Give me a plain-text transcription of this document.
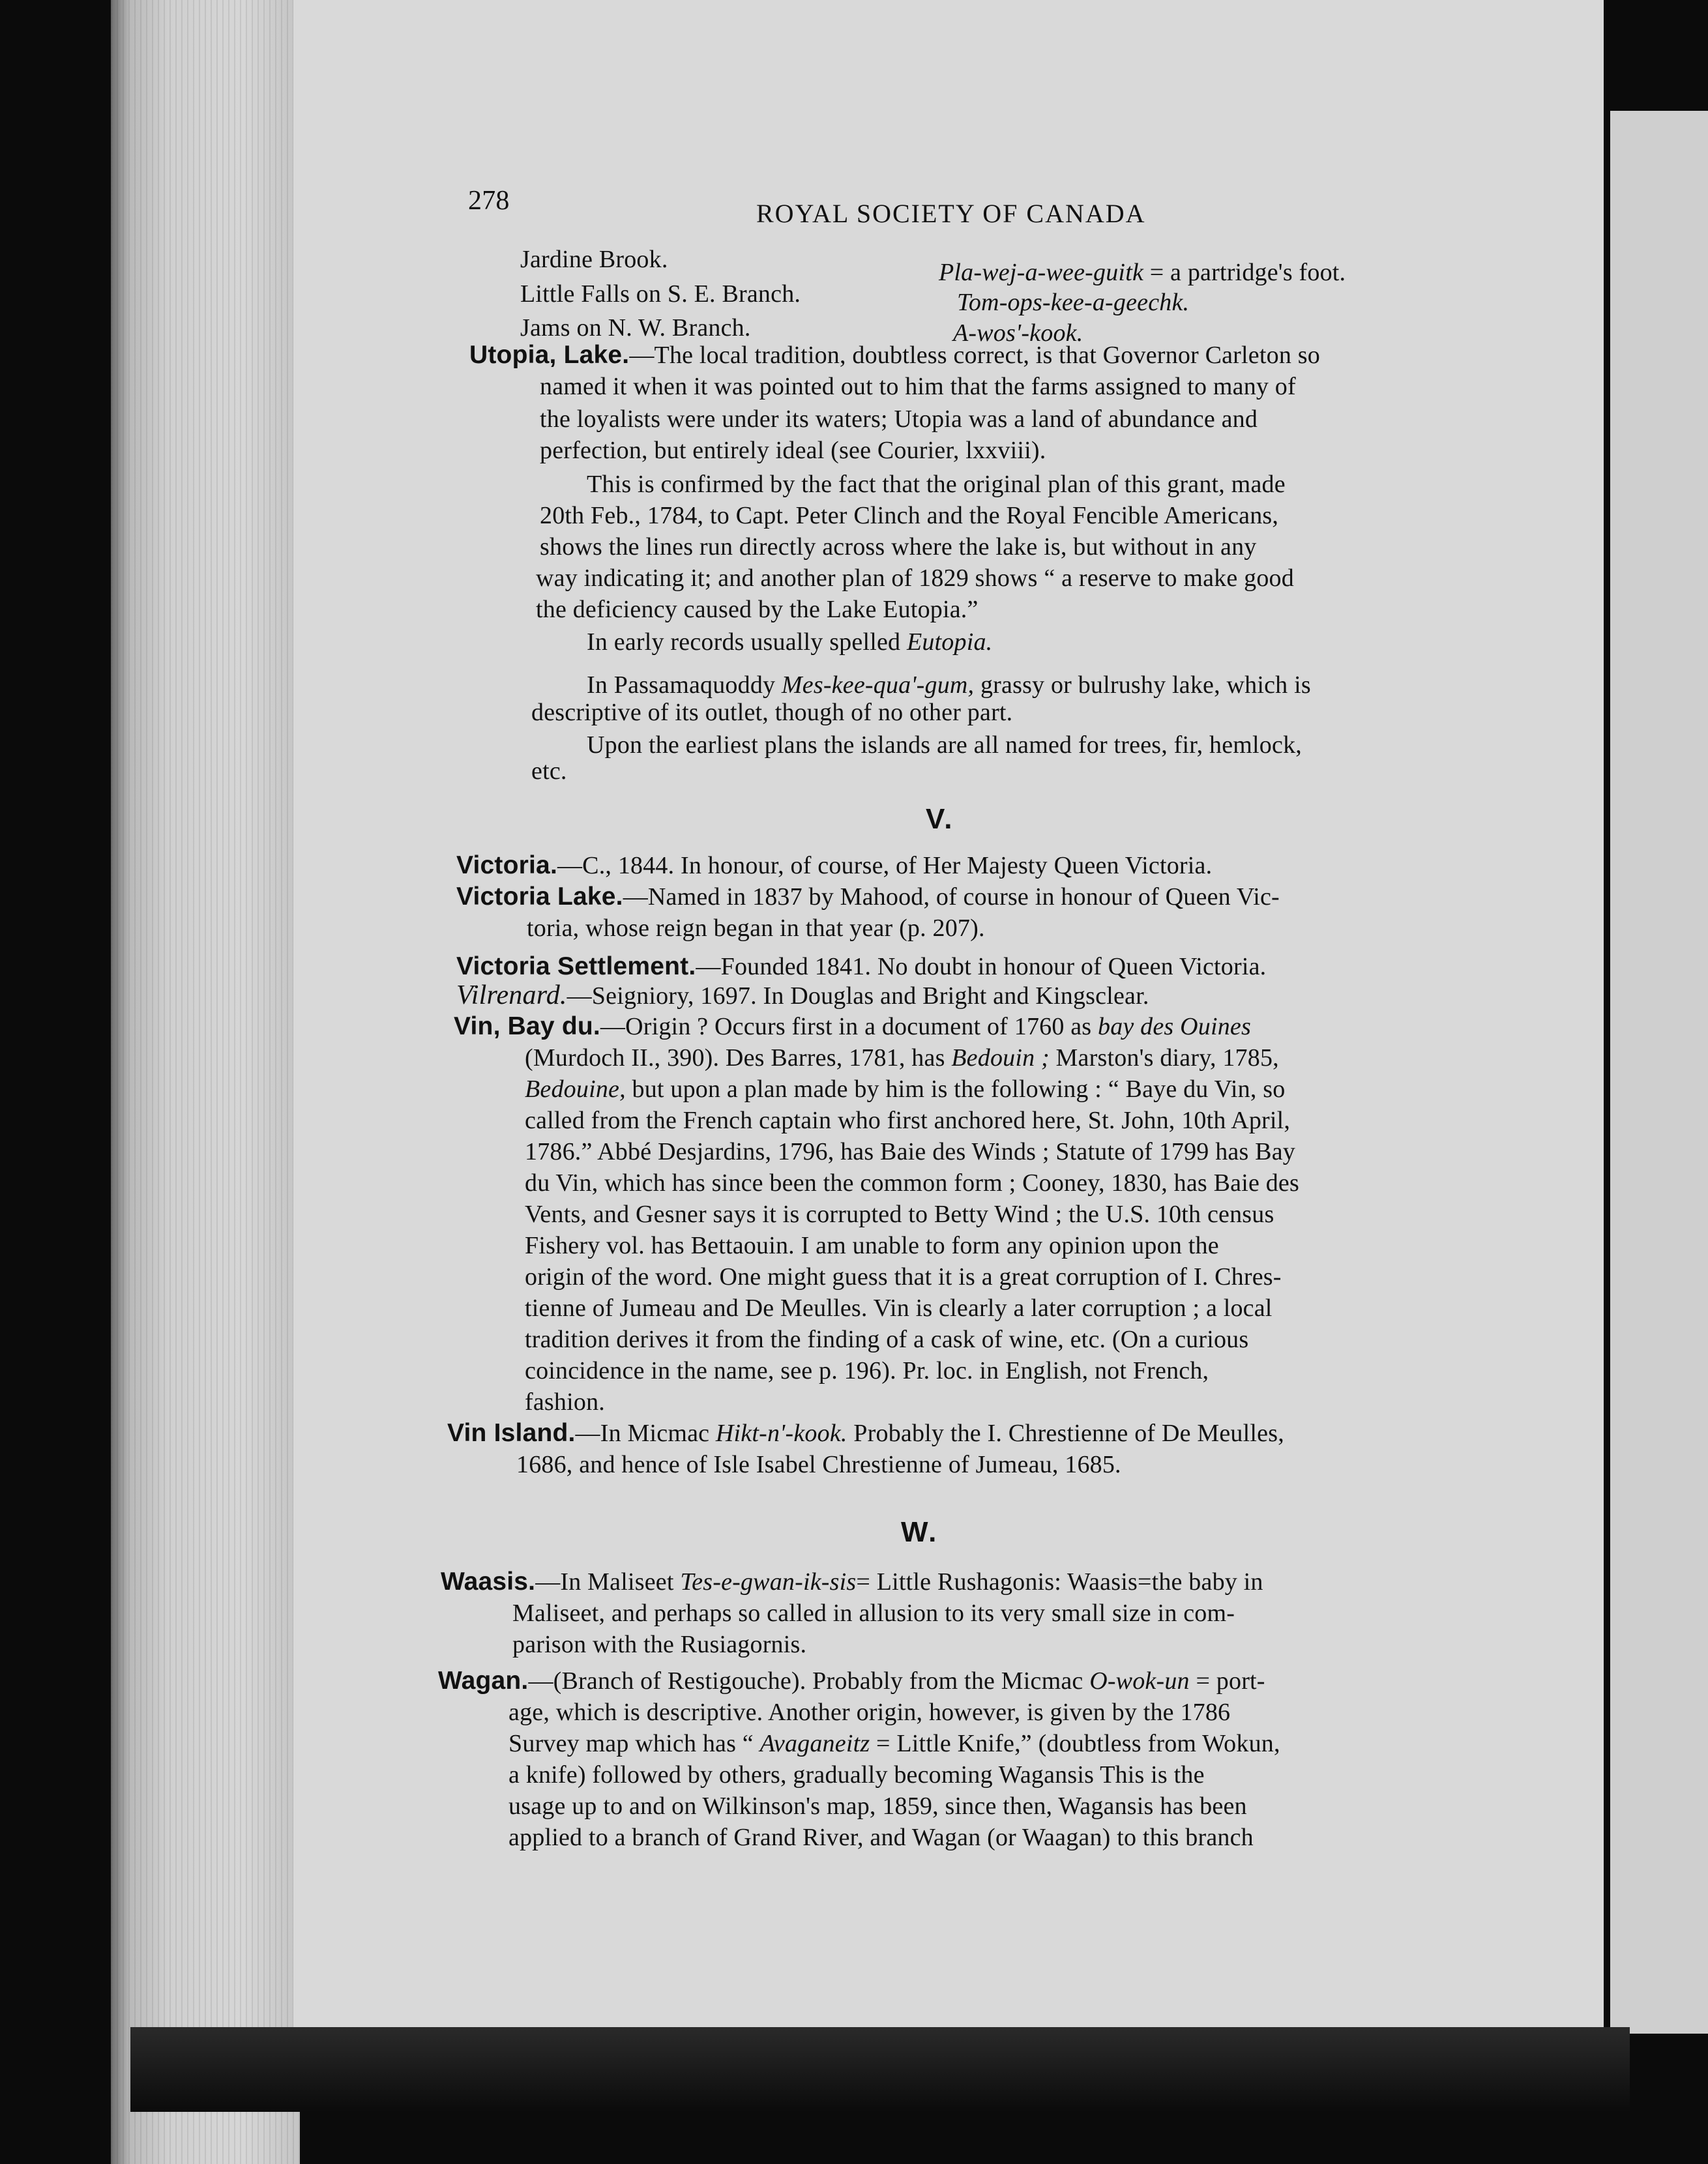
278	ROYAL SOCIETY OF CANADA
Jardine Brook.	Pla-wej-a-wee-guitk = a partridge's foot.
Little Falls on S. E. Branch.	Tom-ops-kee-a-geechk.
Jams on N. W. Branch.	A-wos'-kook.
Utopia, Lake.—The local tradition, doubtless correct, is that Governor Carleton so
named it when it was pointed out to him that the farms assigned to many of
the loyalists were under its waters; Utopia was a land of abundance and
perfection, but entirely ideal (see Courier, lxxviii).
This is confirmed by the fact that the original plan of this grant, made
20th Feb., 1784, to Capt. Peter Clinch and the Royal Fencible Americans,
shows the lines run directly across where the lake is, but without in any
way indicating it; and another plan of 1829 shows “ a reserve to make good
the deficiency caused by the Lake Eutopia.”
In early records usually spelled Eutopia.
In Passamaquoddy Mes-kee-qua'-gum, grassy or bulrushy lake, which is
descriptive of its outlet, though of no other part.
Upon the earliest plans the islands are all named for trees, fir, hemlock,
etc.
V.
Victoria.—C., 1844. In honour, of course, of Her Majesty Queen Victoria.
Victoria Lake.—Named in 1837 by Mahood, of course in honour of Queen Vic-
toria, whose reign began in that year (p. 207).
Victoria Settlement.—Founded 1841. No doubt in honour of Queen Victoria.
Vilrenard.—Seigniory, 1697. In Douglas and Bright and Kingsclear.
Vin, Bay du.—Origin ? Occurs first in a document of 1760 as bay des Ouines
(Murdoch II., 390). Des Barres, 1781, has Bedouin ; Marston's diary, 1785,
Bedouine, but upon a plan made by him is the following : “ Baye du Vin, so
called from the French captain who first anchored here, St. John, 10th April,
1786.” Abbé Desjardins, 1796, has Baie des Winds ; Statute of 1799 has Bay
du Vin, which has since been the common form ; Cooney, 1830, has Baie des
Vents, and Gesner says it is corrupted to Betty Wind ; the U.S. 10th census
Fishery vol. has Bettaouin. I am unable to form any opinion upon the
origin of the word. One might guess that it is a great corruption of I. Chres-
tienne of Jumeau and De Meulles. Vin is clearly a later corruption ; a local
tradition derives it from the finding of a cask of wine, etc. (On a curious
coincidence in the name, see p. 196). Pr. loc. in English, not French,
fashion.
Vin Island.—In Micmac Hikt-n'-kook. Probably the I. Chrestienne of De Meulles,
1686, and hence of Isle Isabel Chrestienne of Jumeau, 1685.
W.
Waasis.—In Maliseet Tes-e-gwan-ik-sis= Little Rushagonis: Waasis=the baby in
Maliseet, and perhaps so called in allusion to its very small size in com-
parison with the Rusiagornis.
Wagan.—(Branch of Restigouche). Probably from the Micmac O-wok-un = port-
age, which is descriptive. Another origin, however, is given by the 1786
Survey map which has “ Avaganeitz = Little Knife,” (doubtless from Wokun,
a knife) followed by others, gradually becoming Wagansis This is the
usage up to and on Wilkinson's map, 1859, since then, Wagansis has been
applied to a branch of Grand River, and Wagan (or Waagan) to this branch
